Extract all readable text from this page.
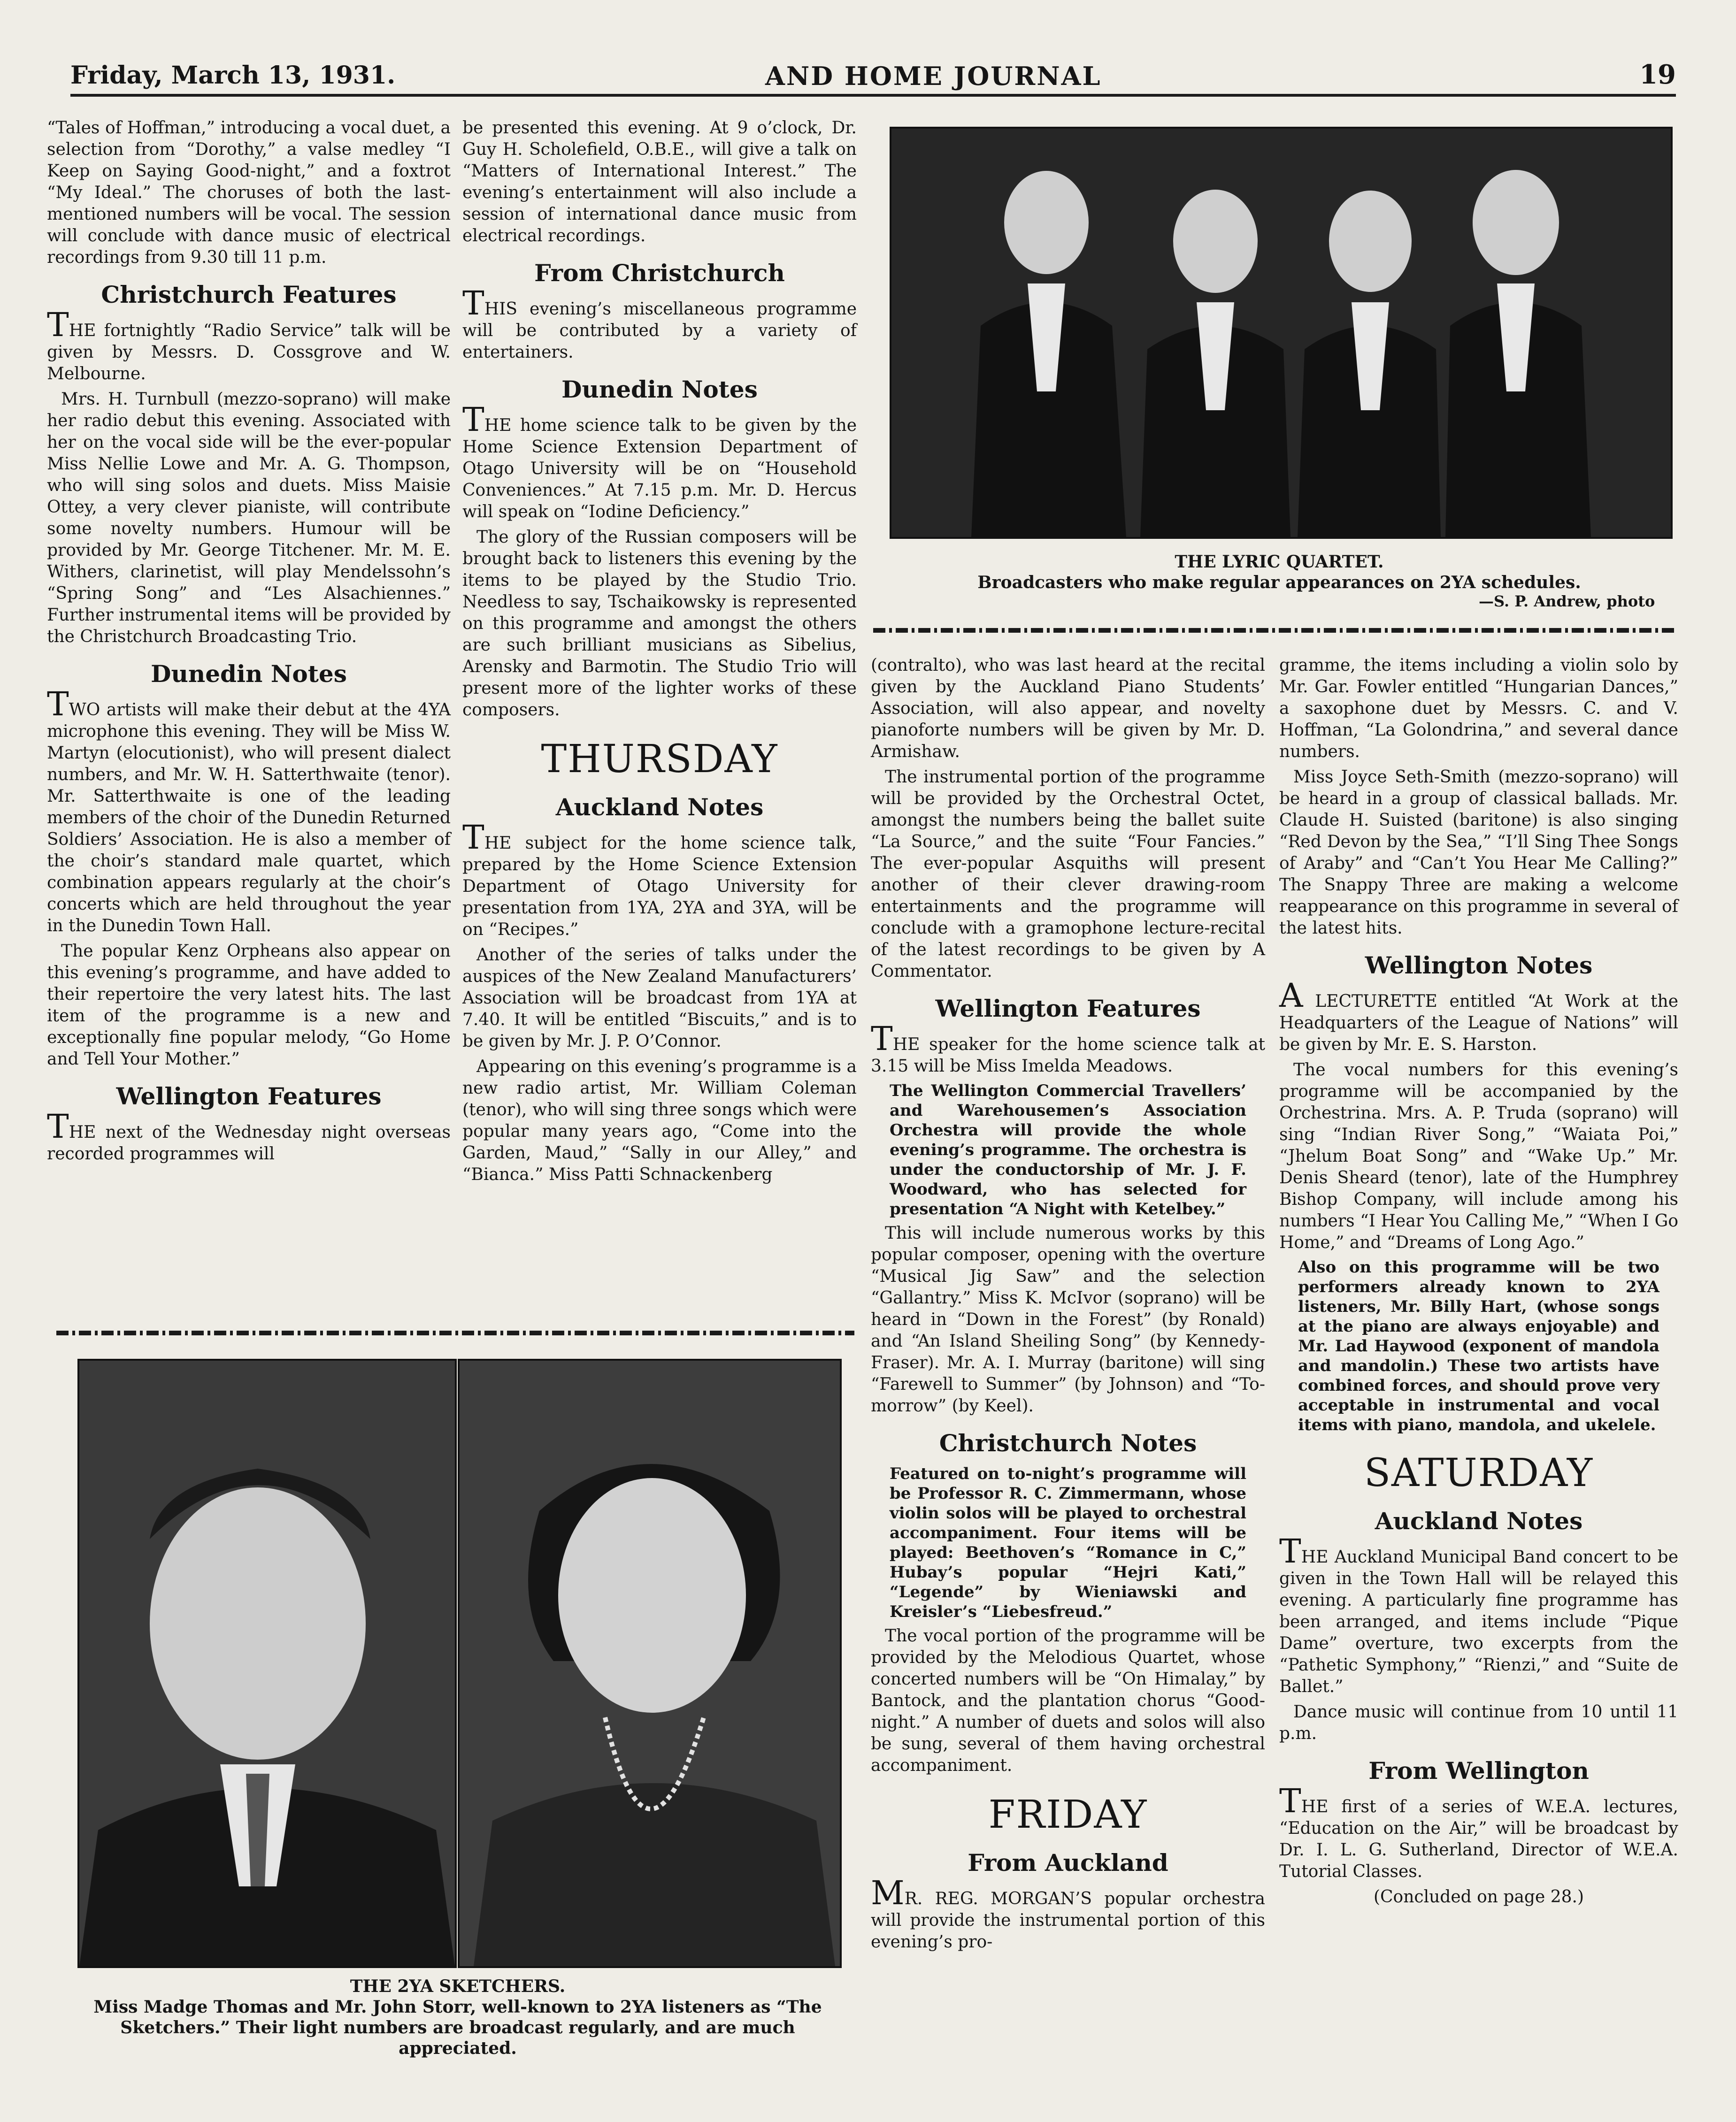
Friday, March 13, 1931.	AND HOME JOURNAL	19

“Tales of Hoffman,” introducing a vocal duet, a selection from “Dorothy,” a valse medley “I Keep on Saying Good-night,” and a foxtrot “My Ideal.” The choruses of both the last-mentioned numbers will be vocal. The session will conclude with dance music of electrical recordings from 9.30 till 11 p.m.

Christchurch Features

THE fortnightly “Radio Service” talk will be given by Messrs. D. Cossgrove and W. Melbourne.

Mrs. H. Turnbull (mezzo-soprano) will make her radio debut this evening. Associated with her on the vocal side will be the ever-popular Miss Nellie Lowe and Mr. A. G. Thompson, who will sing solos and duets. Miss Maisie Ottey, a very clever pianiste, will contribute some novelty numbers. Humour will be provided by Mr. George Titchener. Mr. M. E. Withers, clarinetist, will play Mendelssohn’s “Spring Song” and “Les Alsachiennes.” Further instrumental items will be provided by the Christchurch Broadcasting Trio.

Dunedin Notes

TWO artists will make their debut at the 4YA microphone this evening. They will be Miss W. Martyn (elocutionist), who will present dialect numbers, and Mr. W. H. Satterthwaite (tenor). Mr. Satterthwaite is one of the leading members of the choir of the Dunedin Returned Soldiers’ Association. He is also a member of the choir’s standard male quartet, which combination appears regularly at the choir’s concerts which are held throughout the year in the Dunedin Town Hall.

The popular Kenz Orpheans also appear on this evening’s programme, and have added to their repertoire the very latest hits. The last item of the programme is a new and exceptionally fine popular melody, “Go Home and Tell Your Mother.”

Wellington Features

THE next of the Wednesday night overseas recorded programmes will

be presented this evening. At 9 o’clock, Dr. Guy H. Scholefield, O.B.E., will give a talk on “Matters of International Interest.” The evening’s entertainment will also include a session of international dance music from electrical recordings.

From Christchurch

THIS evening’s miscellaneous programme will be contributed by a variety of entertainers.

Dunedin Notes

THE home science talk to be given by the Home Science Extension Department of Otago University will be on “Household Conveniences.” At 7.15 p.m. Mr. D. Hercus will speak on “Iodine Deficiency.”

The glory of the Russian composers will be brought back to listeners this evening by the items to be played by the Studio Trio. Needless to say, Tschaikowsky is represented on this programme and amongst the others are such brilliant musicians as Sibelius, Arensky and Barmotin. The Studio Trio will present more of the lighter works of these composers.

THURSDAY
Auckland Notes

THE subject for the home science talk, prepared by the Home Science Extension Department of Otago University for presentation from 1YA, 2YA and 3YA, will be on “Recipes.”

Another of the series of talks under the auspices of the New Zealand Manufacturers’ Association will be broadcast from 1YA at 7.40. It will be entitled “Biscuits,” and is to be given by Mr. J. P. O’Connor.

Appearing on this evening’s programme is a new radio artist, Mr. William Coleman (tenor), who will sing three songs which were popular many years ago, “Come into the Garden, Maud,” “Sally in our Alley,” and “Bianca.” Miss Patti Schnackenberg

THE LYRIC QUARTET.
Broadcasters who make regular appearances on 2YA schedules.
—S. P. Andrew, photo

(contralto), who was last heard at the recital given by the Auckland Piano Students’ Association, will also appear, and novelty pianoforte numbers will be given by Mr. D. Armishaw.

The instrumental portion of the programme will be provided by the Orchestral Octet, amongst the numbers being the ballet suite “La Source,” and the suite “Four Fancies.” The ever-popular Asquiths will present another of their clever drawing-room entertainments and the programme will conclude with a gramophone lecture-recital of the latest recordings to be given by A Commentator.

Wellington Features

THE speaker for the home science talk at 3.15 will be Miss Imelda Meadows.

The Wellington Commercial Travellers’ and Warehousemen’s Association Orchestra will provide the whole evening’s programme. The orchestra is under the conductorship of Mr. J. F. Woodward, who has selected for presentation “A Night with Ketelbey.”

This will include numerous works by this popular composer, opening with the overture “Musical Jig Saw” and the selection “Gallantry.” Miss K. McIvor (soprano) will be heard in “Down in the Forest” (by Ronald) and “An Island Sheiling Song” (by Kennedy-Fraser). Mr. A. I. Murray (baritone) will sing “Farewell to Summer” (by Johnson) and “To-morrow” (by Keel).

Christchurch Notes

Featured on to-night’s programme will be Professor R. C. Zimmermann, whose violin solos will be played to orchestral accompaniment. Four items will be played: Beethoven’s “Romance in C,” Hubay’s popular “Hejri Kati,” “Legende” by Wieniawski and Kreisler’s “Liebesfreud.”

The vocal portion of the programme will be provided by the Melodious Quartet, whose concerted numbers will be “On Himalay,” by Bantock, and the plantation chorus “Good-night.” A number of duets and solos will also be sung, several of them having orchestral accompaniment.

FRIDAY
From Auckland

MR. REG. MORGAN’S popular orchestra will provide the instrumental portion of this evening’s pro-

gramme, the items including a violin solo by Mr. Gar. Fowler entitled “Hungarian Dances,” a saxophone duet by Messrs. C. and V. Hoffman, “La Golondrina,” and several dance numbers.

Miss Joyce Seth-Smith (mezzo-soprano) will be heard in a group of classical ballads. Mr. Claude H. Suisted (baritone) is also singing “Red Devon by the Sea,” “I’ll Sing Thee Songs of Araby” and “Can’t You Hear Me Calling?” The Snappy Three are making a welcome reappearance on this programme in several of the latest hits.

Wellington Notes

A LECTURETTE entitled “At Work at the Headquarters of the League of Nations” will be given by Mr. E. S. Harston.

The vocal numbers for this evening’s programme will be accompanied by the Orchestrina. Mrs. A. P. Truda (soprano) will sing “Indian River Song,” “Waiata Poi,” “Jhelum Boat Song” and “Wake Up.” Mr. Denis Sheard (tenor), late of the Humphrey Bishop Company, will include among his numbers “I Hear You Calling Me,” “When I Go Home,” and “Dreams of Long Ago.”

Also on this programme will be two performers already known to 2YA listeners, Mr. Billy Hart, (whose songs at the piano are always enjoyable) and Mr. Lad Haywood (exponent of mandola and mandolin.) These two artists have combined forces, and should prove very acceptable in instrumental and vocal items with piano, mandola, and ukelele.

SATURDAY
Auckland Notes

THE Auckland Municipal Band concert to be given in the Town Hall will be relayed this evening. A particularly fine programme has been arranged, and items include “Pique Dame” overture, two excerpts from the “Pathetic Symphony,” “Rienzi,” and “Suite de Ballet.”

Dance music will continue from 10 until 11 p.m.

From Wellington

THE first of a series of W.E.A. lectures, “Education on the Air,” will be broadcast by Dr. I. L. G. Sutherland, Director of W.E.A. Tutorial Classes.

(Concluded on page 28.)

THE 2YA SKETCHERS.
Miss Madge Thomas and Mr. John Storr, well-known to 2YA listeners as “The Sketchers.” Their light numbers are broadcast regularly, and are much appreciated.
